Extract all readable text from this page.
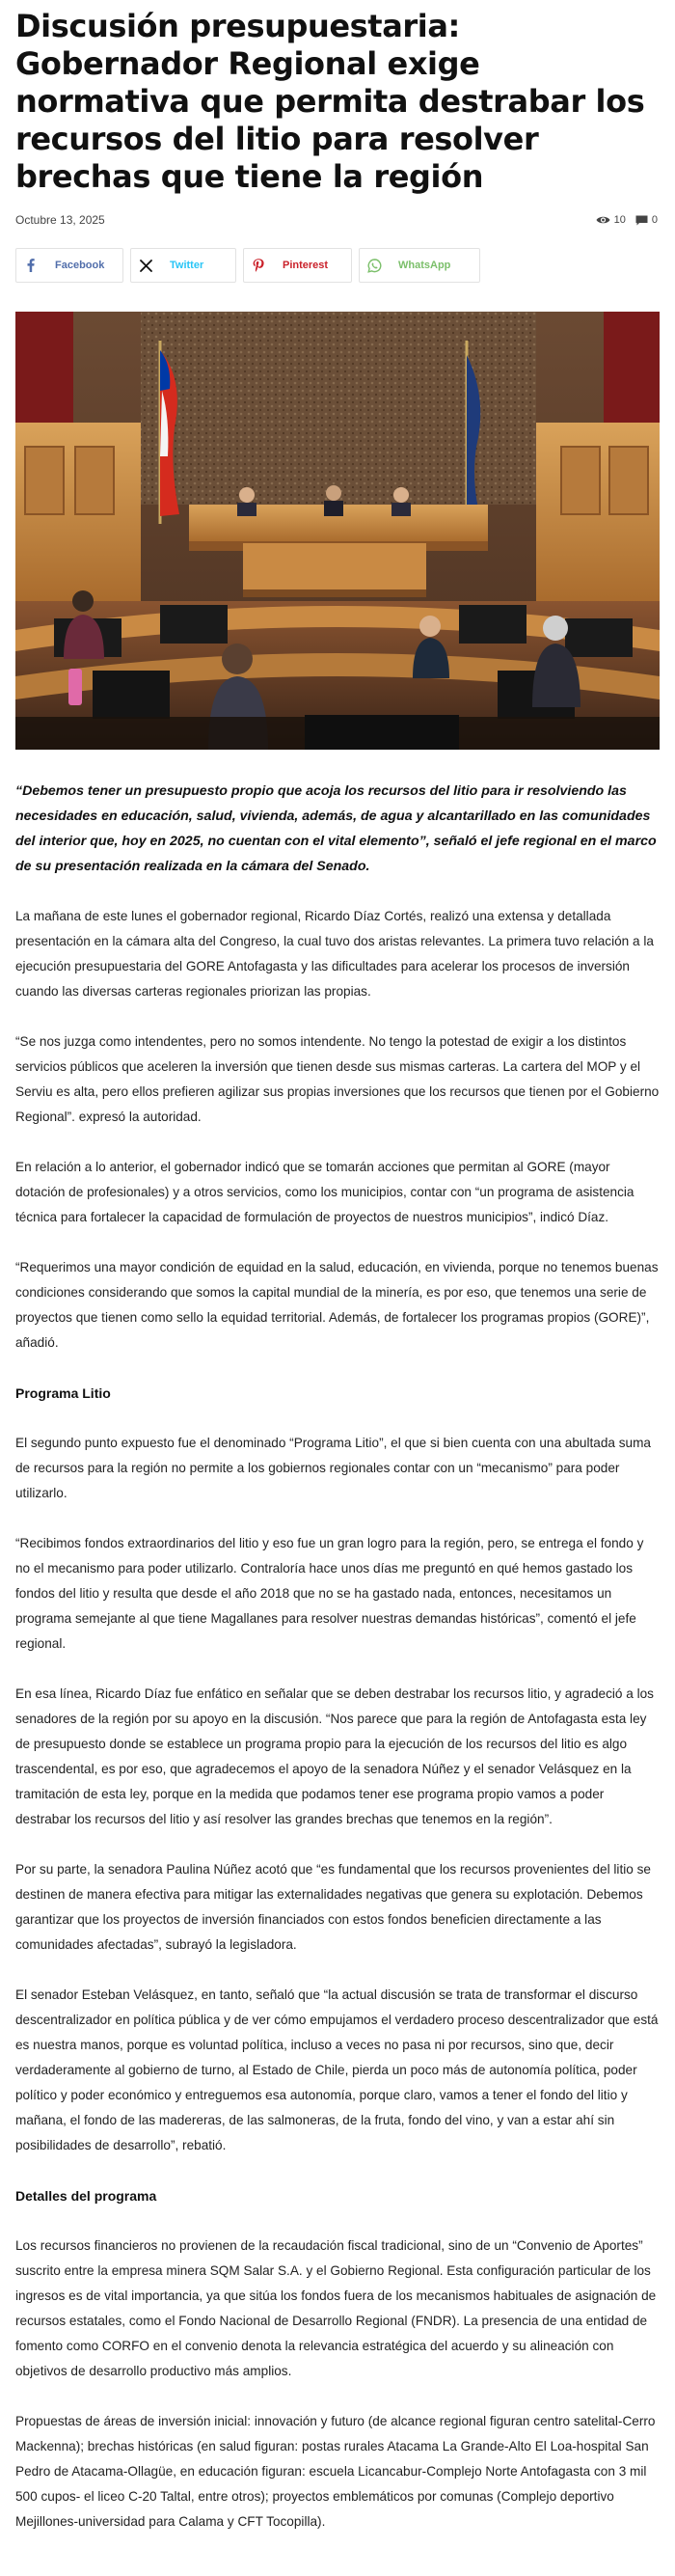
Discusión presupuestaria: Gobernador Regional exige normativa que permita destrabar los recursos del litio para resolver brechas que tiene la región
Octubre 13, 2025	10 0
Facebook	Twitter	Pinterest	WhatsApp

“Debemos tener un presupuesto propio que acoja los recursos del litio para ir resolviendo las necesidades en educación, salud, vivienda, además, de agua y alcantarillado en las comunidades del interior que, hoy en 2025, no cuentan con el vital elemento”, señaló el jefe regional en el marco de su presentación realizada en la cámara del Senado.

La mañana de este lunes el gobernador regional, Ricardo Díaz Cortés, realizó una extensa y detallada presentación en la cámara alta del Congreso, la cual tuvo dos aristas relevantes. La primera tuvo relación a la ejecución presupuestaria del GORE Antofagasta y las dificultades para acelerar los procesos de inversión cuando las diversas carteras regionales priorizan las propias.

“Se nos juzga como intendentes, pero no somos intendente. No tengo la potestad de exigir a los distintos servicios públicos que aceleren la inversión que tienen desde sus mismas carteras. La cartera del MOP y el Serviu es alta, pero ellos prefieren agilizar sus propias inversiones que los recursos que tienen por el Gobierno Regional”. expresó la autoridad.

En relación a lo anterior, el gobernador indicó que se tomarán acciones que permitan al GORE (mayor dotación de profesionales) y a otros servicios, como los municipios, contar con “un programa de asistencia técnica para fortalecer la capacidad de formulación de proyectos de nuestros municipios”, indicó Díaz.

“Requerimos una mayor condición de equidad en la salud, educación, en vivienda, porque no tenemos buenas condiciones considerando que somos la capital mundial de la minería, es por eso, que tenemos una serie de proyectos que tienen como sello la equidad territorial. Además, de fortalecer los programas propios (GORE)”, añadió.

Programa Litio

El segundo punto expuesto fue el denominado “Programa Litio”, el que si bien cuenta con una abultada suma de recursos para la región no permite a los gobiernos regionales contar con un “mecanismo” para poder utilizarlo.

“Recibimos fondos extraordinarios del litio y eso fue un gran logro para la región, pero, se entrega el fondo y no el mecanismo para poder utilizarlo. Contraloría hace unos días me preguntó en qué hemos gastado los fondos del litio y resulta que desde el año 2018 que no se ha gastado nada, entonces, necesitamos un programa semejante al que tiene Magallanes para resolver nuestras demandas históricas”, comentó el jefe regional.

En esa línea, Ricardo Díaz fue enfático en señalar que se deben destrabar los recursos litio, y agradeció a los senadores de la región por su apoyo en la discusión. “Nos parece que para la región de Antofagasta esta ley de presupuesto donde se establece un programa propio para la ejecución de los recursos del litio es algo trascendental, es por eso, que agradecemos el apoyo de la senadora Núñez y el senador Velásquez en la tramitación de esta ley, porque en la medida que podamos tener ese programa propio vamos a poder destrabar los recursos del litio y así resolver las grandes brechas que tenemos en la región”.

Por su parte, la senadora Paulina Núñez acotó que “es fundamental que los recursos provenientes del litio se destinen de manera efectiva para mitigar las externalidades negativas que genera su explotación. Debemos garantizar que los proyectos de inversión financiados con estos fondos beneficien directamente a las comunidades afectadas”, subrayó la legisladora.

El senador Esteban Velásquez, en tanto, señaló que “la actual discusión se trata de transformar el discurso descentralizador en política pública y de ver cómo empujamos el verdadero proceso descentralizador que está es nuestra manos, porque es voluntad política, incluso a veces no pasa ni por recursos, sino que, decir verdaderamente al gobierno de turno, al Estado de Chile, pierda un poco más de autonomía política, poder político y poder económico y entreguemos esa autonomía, porque claro, vamos a tener el fondo del litio y mañana, el fondo de las madereras, de las salmoneras, de la fruta, fondo del vino, y van a estar ahí sin posibilidades de desarrollo”, rebatió.

Detalles del programa

Los recursos financieros no provienen de la recaudación fiscal tradicional, sino de un “Convenio de Aportes” suscrito entre la empresa minera SQM Salar S.A. y el Gobierno Regional. Esta configuración particular de los ingresos es de vital importancia, ya que sitúa los fondos fuera de los mecanismos habituales de asignación de recursos estatales, como el Fondo Nacional de Desarrollo Regional (FNDR). La presencia de una entidad de fomento como CORFO en el convenio denota la relevancia estratégica del acuerdo y su alineación con objetivos de desarrollo productivo más amplios.

Propuestas de áreas de inversión inicial: innovación y futuro (de alcance regional figuran centro satelital-Cerro Mackenna); brechas históricas (en salud figuran: postas rurales Atacama La Grande-Alto El Loa-hospital San Pedro de Atacama-Ollagüe, en educación figuran: escuela Licancabur-Complejo Norte Antofagasta con 3 mil 500 cupos- el liceo C-20 Taltal, entre otros); proyectos emblemáticos por comunas (Complejo deportivo Mejillones-universidad para Calama y CFT Tocopilla).
